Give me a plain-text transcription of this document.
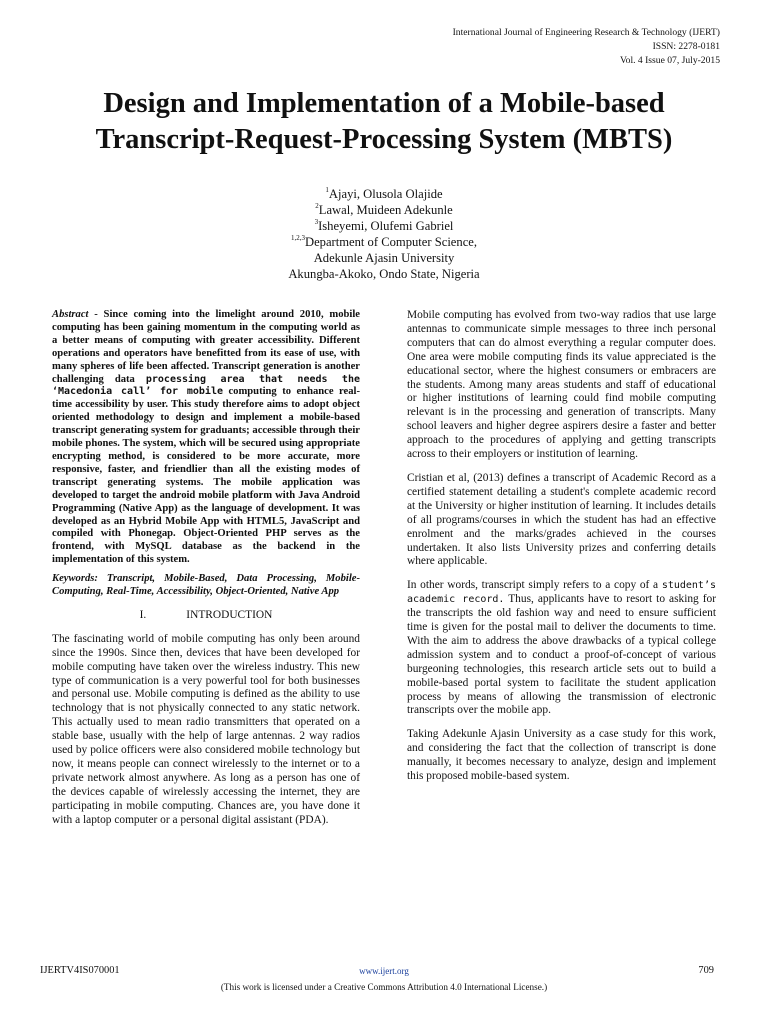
International Journal of Engineering Research & Technology (IJERT)
ISSN: 2278-0181
Vol. 4 Issue 07, July-2015
Design and Implementation of a Mobile-based
Transcript-Request-Processing System (MBTS)
$^1$Ajayi, Olusola Olajide
$^2$Lawal, Muideen Adekunle
$^3$Isheyemi, Olufemi Gabriel
$^{1,2,3}$Department of Computer Science,
Adekunle Ajasin University
Akungba-Akoko, Ondo State, Nigeria

Abstract - Since coming into the limelight around 2010, mobile computing has been gaining momentum in the computing world as a better means of computing with greater accessibility. Different operations and operators have benefitted from its ease of use, with many spheres of life been affected. Transcript generation is another challenging data processing area that needs the ‘Macedonia call’ for mobile computing to enhance real-time accessibility by user. This study therefore aims to adopt object oriented methodology to design and implement a mobile-based transcript generating system for graduants; accessible through their mobile phones. The system, which will be secured using appropriate encrypting method, is considered to be more accurate, more responsive, faster, and friendlier than all the existing modes of transcript generating systems. The mobile application was developed to target the android mobile platform with Java Android Programming (Native App) as the language of development. It was developed as an Hybrid Mobile App with HTML5, JavaScript and compiled with Phonegap. Object-Oriented PHP serves as the frontend, with MySQL database as the backend in the implementation of this system.

Keywords: Transcript, Mobile-Based, Data Processing, Mobile-Computing, Real-Time, Accessibility, Object-Oriented, Native App

I.	INTRODUCTION

The fascinating world of mobile computing has only been around since the 1990s. Since then, devices that have been developed for mobile computing have taken over the wireless industry. This new type of communication is a very powerful tool for both businesses and personal use. Mobile computing is defined as the ability to use technology that is not physically connected to any static network. This actually used to mean radio transmitters that operated on a stable base, usually with the help of large antennas. 2 way radios used by police officers were also considered mobile technology but now, it means people can connect wirelessly to the internet or to a private network almost anywhere. As long as a person has one of the devices capable of wirelessly accessing the internet, they are participating in mobile computing. Chances are, you have done it with a laptop computer or a personal digital assistant (PDA).

Mobile computing has evolved from two-way radios that use large antennas to communicate simple messages to three inch personal computers that can do almost everything a regular computer does. One area were mobile computing finds its value appreciated is the educational sector, where the highest consumers or embracers are the students. Among many areas students and staff of educational or higher institutions of learning could find mobile computing relevant is in the processing and generation of transcripts. Many school leavers and higher degree aspirers desire a faster and better approach to the procedures of applying and getting transcripts across to their employers or institution of learning.

Cristian et al, (2013) defines a transcript of Academic Record as a certified statement detailing a student's complete academic record at the University or higher institution of learning. It includes details of all programs/courses in which the student has had an effective enrolment and the marks/grades achieved in the courses undertaken. It also lists University prizes and conferring details where applicable.

In other words, transcript simply refers to a copy of a student’s academic record. Thus, applicants have to resort to asking for the transcripts the old fashion way and need to ensure sufficient time is given for the postal mail to deliver the documents to time. With the aim to address the above drawbacks of a typical college admission system and to conduct a proof-of-concept of various burgeoning technologies, this research article sets out to build a mobile-based portal system to facilitate the student application process by means of allowing the transmission of electronic transcripts over the mobile app.

Taking Adekunle Ajasin University as a case study for this work, and considering the fact that the collection of transcript is done manually, it becomes necessary to analyze, design and implement this proposed mobile-based system.

IJERTV4IS070001	www.ijert.org	709
(This work is licensed under a Creative Commons Attribution 4.0 International License.)
